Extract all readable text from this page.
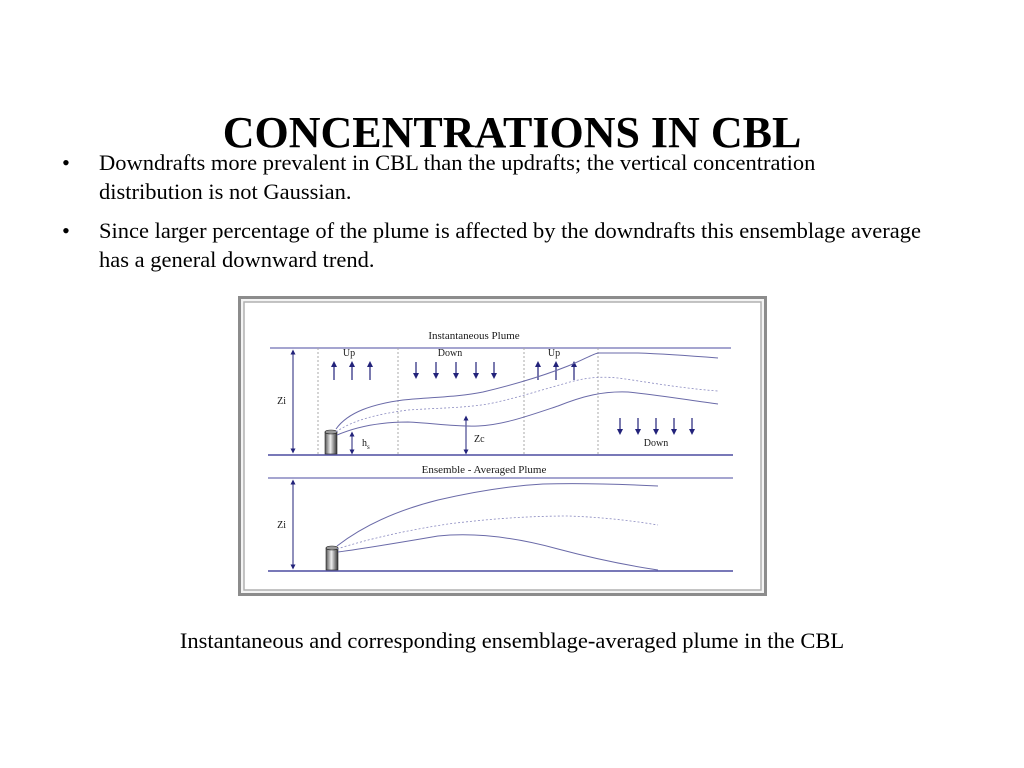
CONCENTRATIONS IN CBL
• Downdrafts more prevalent in CBL than the updrafts; the vertical concentration distribution is not Gaussian.
• Since larger percentage of the plume is affected by the downdrafts this ensemblage average has a general downward trend.
Instantaneous Plume
Up	Down	Up
Down
Zi
$h_s$
Zc
Ensemble - Averaged Plume
Zi
Instantaneous and corresponding ensemblage-averaged plume in the CBL
